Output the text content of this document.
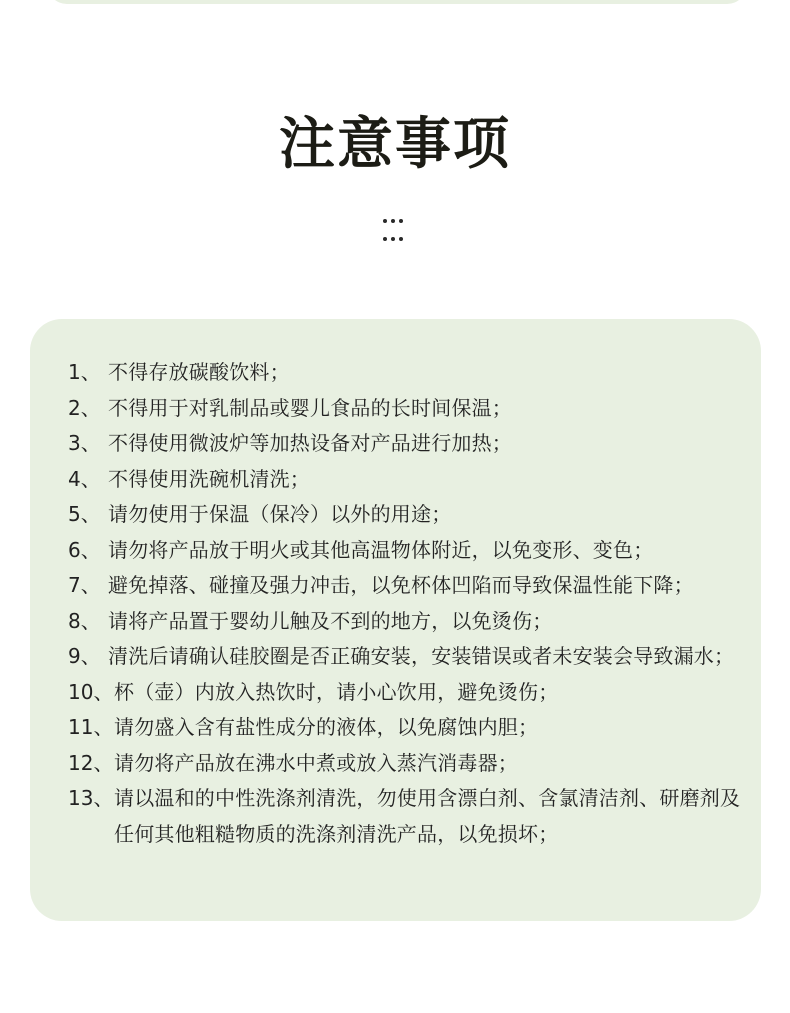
注意事项
1、 不得存放碳酸饮料；
2、 不得用于对乳制品或婴儿食品的长时间保温；
3、 不得使用微波炉等加热设备对产品进行加热；
4、 不得使用洗碗机清洗；
5、 请勿使用于保温（保冷）以外的用途；
6、 请勿将产品放于明火或其他高温物体附近，以免变形、变色；
7、 避免掉落、碰撞及强力冲击，以免杯体凹陷而导致保温性能下降；
8、 请将产品置于婴幼儿触及不到的地方，以免烫伤；
9、 清洗后请确认硅胶圈是否正确安装，安装错误或者未安装会导致漏水；
10、 杯（壶）内放入热饮时，请小心饮用，避免烫伤；
11、 请勿盛入含有盐性成分的液体，以免腐蚀内胆；
12、 请勿将产品放在沸水中煮或放入蒸汽消毒器；
13、 请以温和的中性洗涤剂清洗，勿使用含漂白剂、含氯清洁剂、研磨剂及任何其他粗糙物质的洗涤剂清洗产品，以免损坏；
